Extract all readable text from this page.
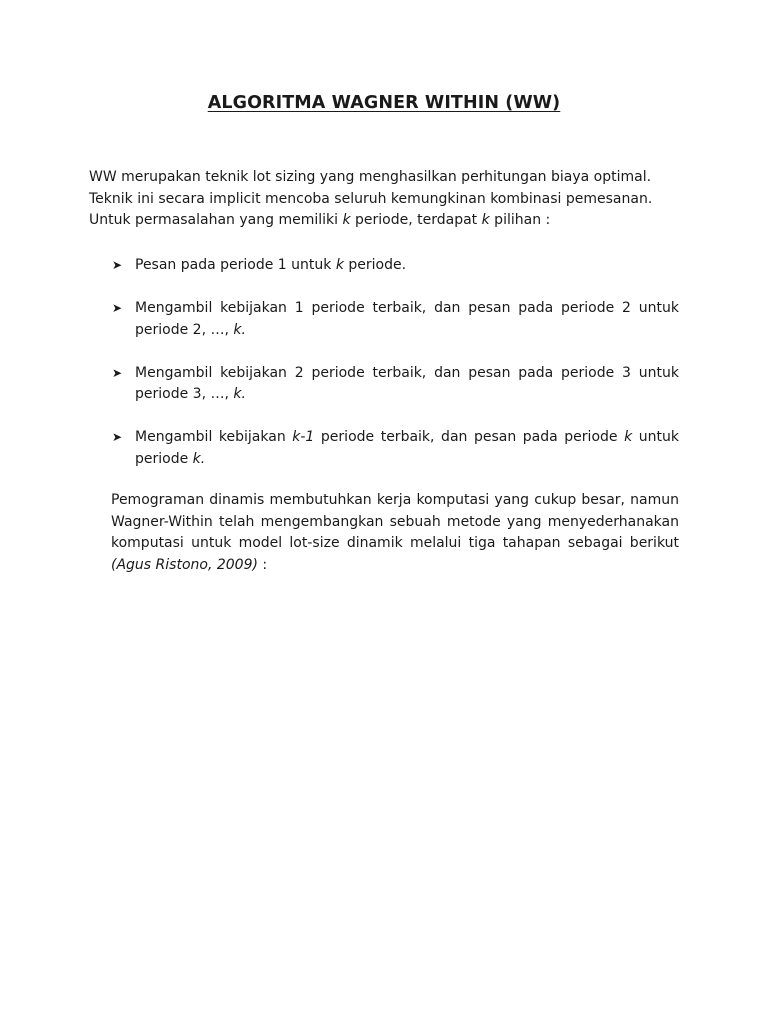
ALGORITMA WAGNER WITHIN (WW)

WW merupakan teknik lot sizing yang menghasilkan perhitungan biaya optimal. Teknik ini secara implicit mencoba seluruh kemungkinan kombinasi pemesanan.

Untuk permasalahan yang memiliki k periode, terdapat k pilihan :

➤ Pesan pada periode 1 untuk k periode.
➤ Mengambil kebijakan 1 periode terbaik, dan pesan pada periode 2 untuk periode 2, …, k.
➤ Mengambil kebijakan 2 periode terbaik, dan pesan pada periode 3 untuk periode 3, …, k.
➤ Mengambil kebijakan k-1 periode terbaik, dan pesan pada periode k untuk periode k.

Pemograman dinamis membutuhkan kerja komputasi yang cukup besar, namun Wagner-Within telah mengembangkan sebuah metode yang menyederhanakan komputasi untuk model lot-size dinamik melalui tiga tahapan sebagai berikut (Agus Ristono, 2009) :
